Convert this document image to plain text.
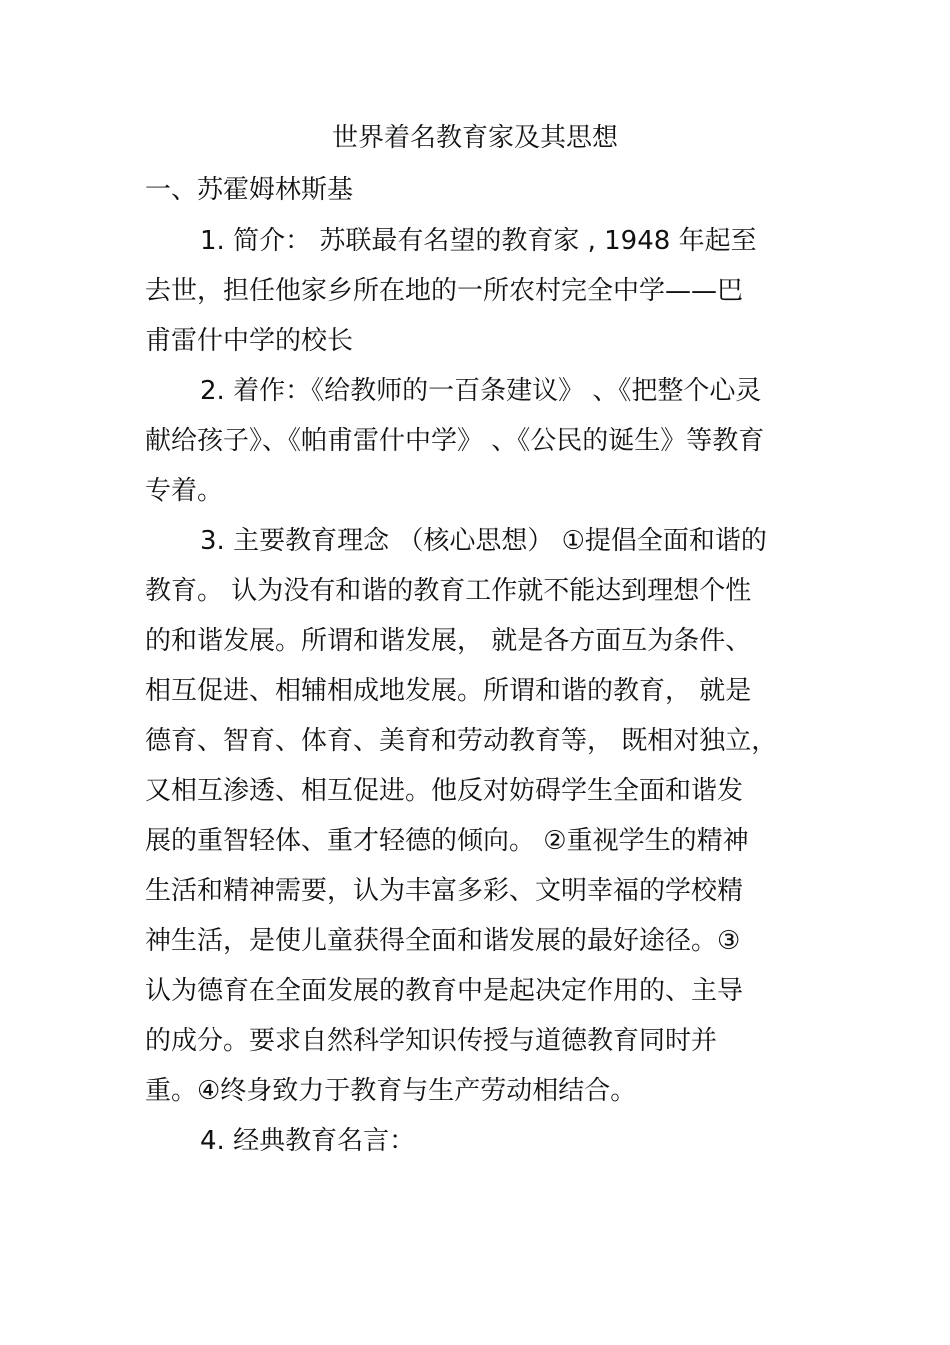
世界着名教育家及其思想
一、苏霍姆林斯基
1. 简介： 苏联最有名望的教育家 , 1948 年起至
去世，担任他家乡所在地的一所农村完全中学——巴
甫雷什中学的校长
2. 着作：《给教师的一百条建议》 、《把整个心灵
献给孩子》、《帕甫雷什中学》 、《公民的诞生》等教育
专着。
3. 主要教育理念 （核心思想） ①提倡全面和谐的
教育。 认为没有和谐的教育工作就不能达到理想个性
的和谐发展。所谓和谐发展， 就是各方面互为条件、
相互促进、相辅相成地发展。所谓和谐的教育， 就是
德育、智育、体育、美育和劳动教育等， 既相对独立，
又相互渗透、相互促进。他反对妨碍学生全面和谐发
展的重智轻体、重才轻德的倾向。 ②重视学生的精神
生活和精神需要，认为丰富多彩、文明幸福的学校精
神生活，是使儿童获得全面和谐发展的最好途径。③
认为德育在全面发展的教育中是起决定作用的、主导
的成分。要求自然科学知识传授与道德教育同时并
重。④终身致力于教育与生产劳动相结合。
4. 经典教育名言：
